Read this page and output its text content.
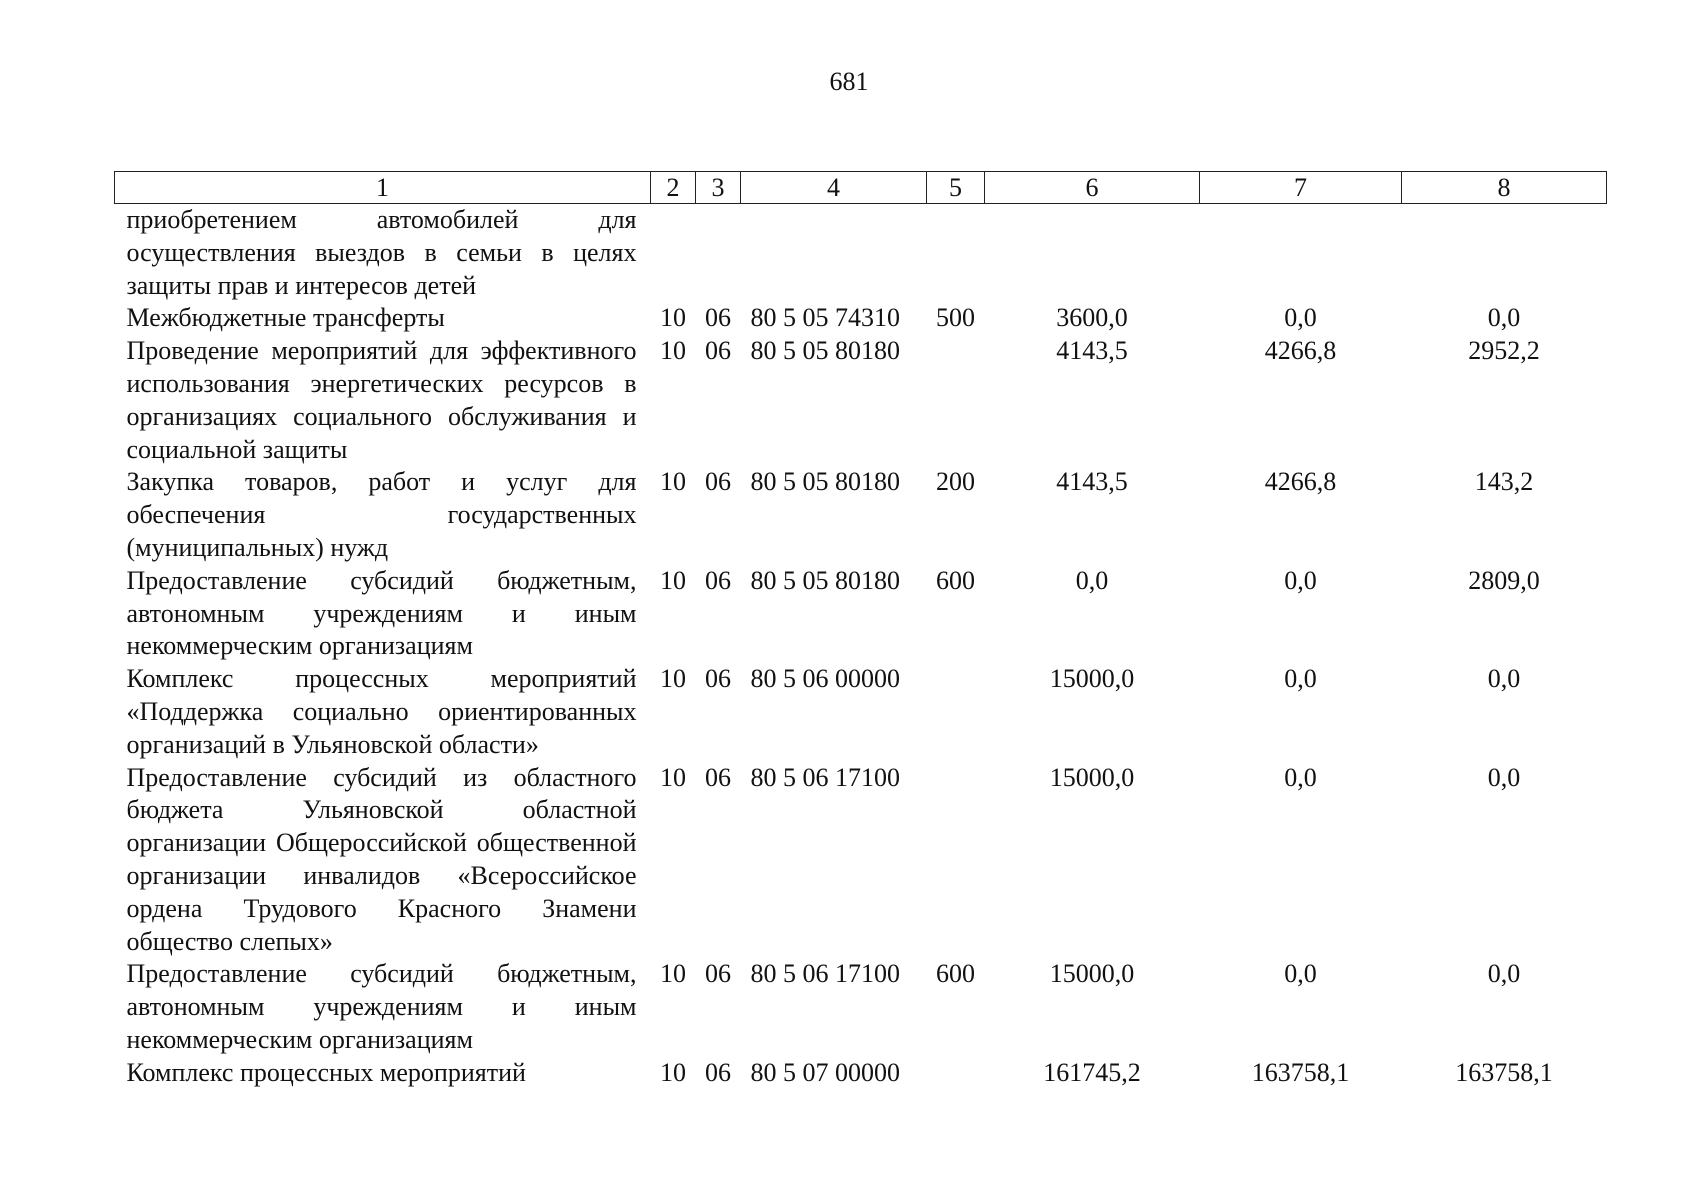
681
1	2	3	4	5	6	7	8
приобретением автомобилей для осуществления выездов в семьи в целях защиты прав и интересов детей							
Межбюджетные трансферты	10	06	80 5 05 74310	500	3600,0	0,0	0,0
Проведение мероприятий для эффективного использования энергетических ресурсов в организациях социального обслуживания и социальной защиты	10	06	80 5 05 80180		4143,5	4266,8	2952,2
Закупка товаров, работ и услуг для обеспечения государственных (муниципальных) нужд	10	06	80 5 05 80180	200	4143,5	4266,8	143,2
Предоставление субсидий бюджетным, автономным учреждениям и иным некоммерческим организациям	10	06	80 5 05 80180	600	0,0	0,0	2809,0
Комплекс процессных мероприятий «Поддержка социально ориентированных организаций в Ульяновской области»	10	06	80 5 06 00000		15000,0	0,0	0,0
Предоставление субсидий из областного бюджета Ульяновской областной организации Общероссийской общественной организации инвалидов «Всероссийское ордена Трудового Красного Знамени общество слепых»	10	06	80 5 06 17100		15000,0	0,0	0,0
Предоставление субсидий бюджетным, автономным учреждениям и иным некоммерческим организациям	10	06	80 5 06 17100	600	15000,0	0,0	0,0
Комплекс процессных мероприятий	10	06	80 5 07 00000		161745,2	163758,1	163758,1
